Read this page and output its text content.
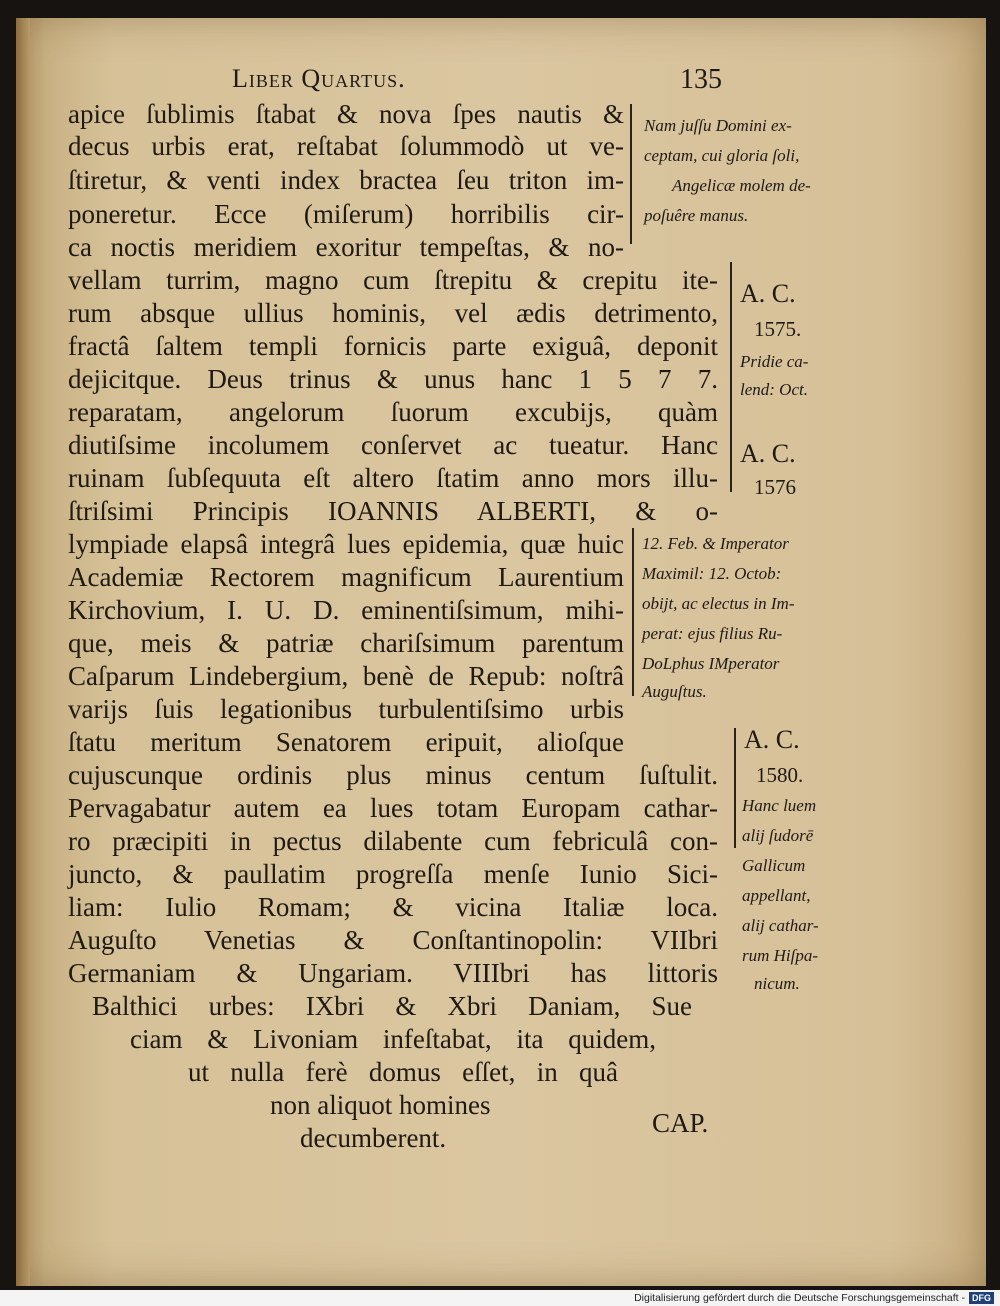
Liber Quartus.	135
apice ſublimis ſtabat & nova ſpes nautis &
decus urbis erat, reſtabat ſolummodò ut ve-
ſtiretur, & venti index bractea ſeu triton im-
poneretur. Ecce (miſerum) horribilis cir-
ca noctis meridiem exoritur tempeſtas, & no-
vellam turrim, magno cum ſtrepitu & crepitu ite-
rum absque ullius hominis, vel ædis detrimento,
fractâ ſaltem templi fornicis parte exiguâ, deponit
dejicitque. Deus trinus & unus hanc 1 5 7 7.
reparatam, angelorum ſuorum excubijs, quàm
diutiſsime incolumem conſervet ac tueatur. Hanc
ruinam ſubſequuta eſt altero ſtatim anno mors illu-
ſtriſsimi Principis IOANNIS ALBERTI, & o-
lympiade elapsâ integrâ lues epidemia, quæ huic
Academiæ Rectorem magnificum Laurentium
Kirchovium, I. U. D. eminentiſsimum, mihi-
que, meis & patriæ chariſsimum parentum
Caſparum Lindebergium, benè de Repub: noſtrâ
varijs ſuis legationibus turbulentiſsimo urbis
ſtatu meritum Senatorem eripuit, alioſque
cujuscunque ordinis plus minus centum ſuſtulit.
Pervagabatur autem ea lues totam Europam cathar-
ro præcipiti in pectus dilabente cum febriculâ con-
juncto, & paullatim progreſſa menſe Iunio Sici-
liam: Iulio Romam; & vicina Italiæ loca.
Auguſto Venetias & Conſtantinopolin: VIIbri
Germaniam & Ungariam. VIIIbri has littoris
Balthici urbes: IXbri & Xbri Daniam, Sue
ciam & Livoniam infeſtabat, ita quidem,
ut nulla ferè domus eſſet, in quâ
non aliquot homines
decumberent.
Nam juſſu Domini ex-
ceptam, cui gloria ſoli,
Angelicæ molem de-
poſuêre manus.
A. C.
1575.
Pridie ca-
lend: Oct.
A. C.
1576
12. Feb. & Imperator
Maximil: 12. Octob:
obijt, ac electus in Im-
perat: ejus filius Ru-
DoLphus IMperator
Auguſtus.
A. C.
1580.
Hanc luem
alij ſudorē
Gallicum
appellant,
alij cathar-
rum Hiſpa-
nicum.
CAP.
Digitalisierung gefördert durch die Deutsche Forschungsgemeinschaft - DFG
